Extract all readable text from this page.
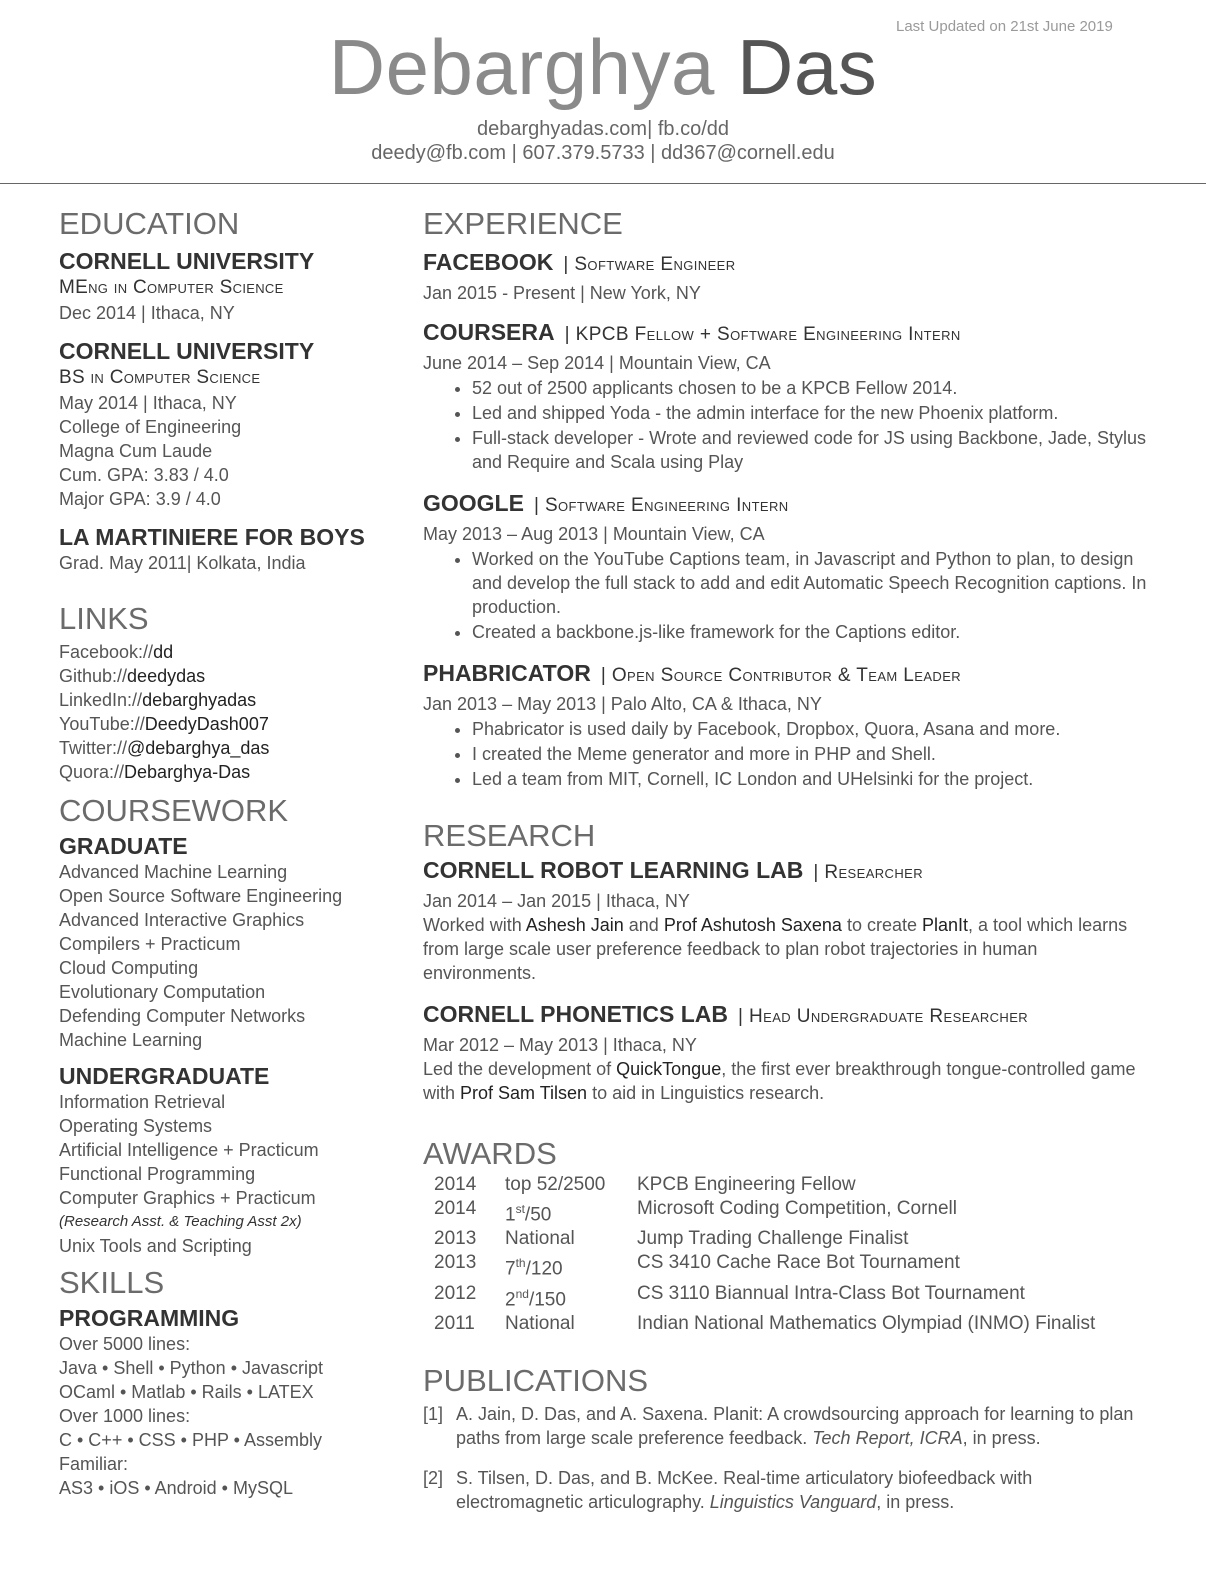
Last Updated on 21st June 2019
Debarghya Das
debarghyadas.com| fb.co/dd
deedy@fb.com | 607.379.5733 | dd367@cornell.edu
EDUCATION
CORNELL UNIVERSITY
MEng in Computer Science
Dec 2014 | Ithaca, NY
CORNELL UNIVERSITY
BS in Computer Science
May 2014 | Ithaca, NY
College of Engineering
Magna Cum Laude
Cum. GPA: 3.83 / 4.0
Major GPA: 3.9 / 4.0
LA MARTINIERE FOR BOYS
Grad. May 2011| Kolkata, India
LINKS
Facebook://dd
Github://deedydas
LinkedIn://debarghyadas
YouTube://DeedyDash007
Twitter://@debarghya_das
Quora://Debarghya-Das
COURSEWORK
GRADUATE
Advanced Machine Learning
Open Source Software Engineering
Advanced Interactive Graphics
Compilers + Practicum
Cloud Computing
Evolutionary Computation
Defending Computer Networks
Machine Learning
UNDERGRADUATE
Information Retrieval
Operating Systems
Artificial Intelligence + Practicum
Functional Programming
Computer Graphics + Practicum
(Research Asst. & Teaching Asst 2x)
Unix Tools and Scripting
SKILLS
PROGRAMMING
Over 5000 lines:
Java • Shell • Python • Javascript
OCaml • Matlab • Rails • LATEX
Over 1000 lines:
C • C++ • CSS • PHP • Assembly
Familiar:
AS3 • iOS • Android • MySQL
EXPERIENCE
FACEBOOK | Software Engineer
Jan 2015 - Present | New York, NY
COURSERA | KPCB Fellow + Software Engineering Intern
June 2014 – Sep 2014 | Mountain View, CA
• 52 out of 2500 applicants chosen to be a KPCB Fellow 2014.
• Led and shipped Yoda - the admin interface for the new Phoenix platform.
• Full-stack developer - Wrote and reviewed code for JS using Backbone, Jade, Stylus and Require and Scala using Play
GOOGLE | Software Engineering Intern
May 2013 – Aug 2013 | Mountain View, CA
• Worked on the YouTube Captions team, in Javascript and Python to plan, to design and develop the full stack to add and edit Automatic Speech Recognition captions. In production.
• Created a backbone.js-like framework for the Captions editor.
PHABRICATOR | Open Source Contributor & Team Leader
Jan 2013 – May 2013 | Palo Alto, CA & Ithaca, NY
• Phabricator is used daily by Facebook, Dropbox, Quora, Asana and more.
• I created the Meme generator and more in PHP and Shell.
• Led a team from MIT, Cornell, IC London and UHelsinki for the project.
RESEARCH
CORNELL ROBOT LEARNING LAB | Researcher
Jan 2014 – Jan 2015 | Ithaca, NY
Worked with Ashesh Jain and Prof Ashutosh Saxena to create PlanIt, a tool which learns from large scale user preference feedback to plan robot trajectories in human environments.
CORNELL PHONETICS LAB | Head Undergraduate Researcher
Mar 2012 – May 2013 | Ithaca, NY
Led the development of QuickTongue, the first ever breakthrough tongue-controlled game with Prof Sam Tilsen to aid in Linguistics research.
AWARDS
2014	top 52/2500	KPCB Engineering Fellow
2014	1st/50	Microsoft Coding Competition, Cornell
2013	National	Jump Trading Challenge Finalist
2013	7th/120	CS 3410 Cache Race Bot Tournament
2012	2nd/150	CS 3110 Biannual Intra-Class Bot Tournament
2011	National	Indian National Mathematics Olympiad (INMO) Finalist
PUBLICATIONS
[1] A. Jain, D. Das, and A. Saxena. Planit: A crowdsourcing approach for learning to plan paths from large scale preference feedback. Tech Report, ICRA, in press.
[2] S. Tilsen, D. Das, and B. McKee. Real-time articulatory biofeedback with electromagnetic articulography. Linguistics Vanguard, in press.
